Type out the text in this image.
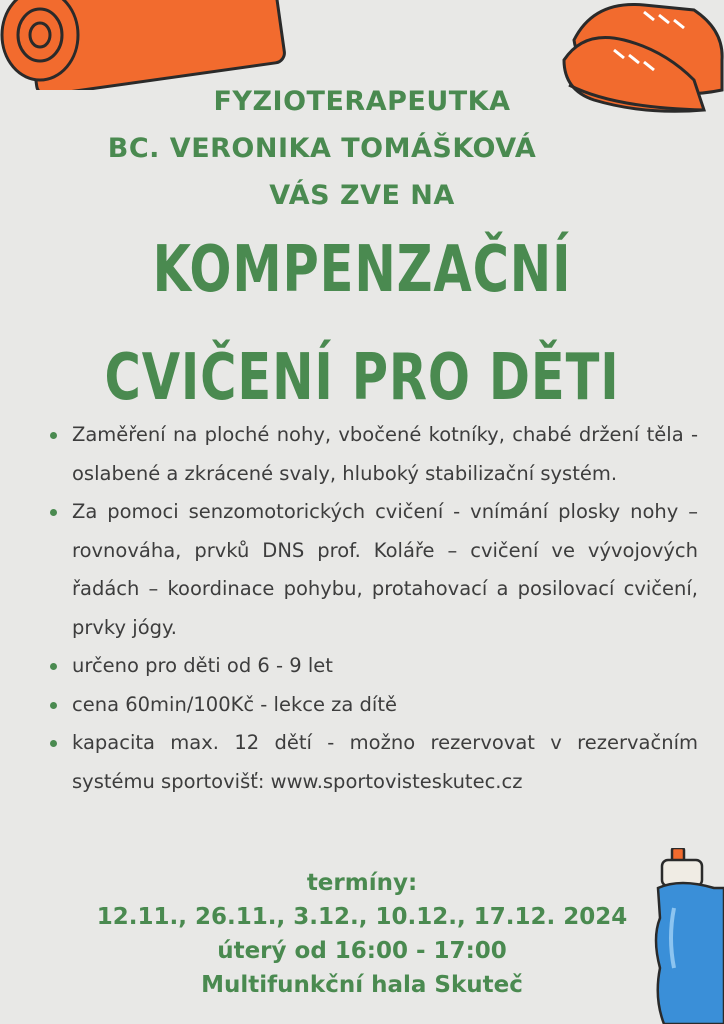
FYZIOTERAPEUTKA
BC. VERONIKA TOMÁŠKOVÁ
VÁS ZVE NA
KOMPENZAČNÍ
CVIČENÍ PRO DĚTI
Zaměření na ploché nohy, vbočené kotníky, chabé držení těla - oslabené a zkrácené svaly, hluboký stabilizační systém.
Za pomoci senzomotorických cvičení - vnímání plosky nohy – rovnováha, prvků DNS prof. Koláře – cvičení ve vývojových řadách – koordinace pohybu, protahovací a posilovací cvičení, prvky jógy.
určeno pro děti od 6 - 9 let
cena 60min/100Kč - lekce za dítě
kapacita max. 12 dětí - možno rezervovat v rezervačním systému sportovišť: www.sportovisteskutec.cz
termíny:
12.11., 26.11., 3.12., 10.12., 17.12. 2024
úterý od 16:00 - 17:00
Multifunkční hala Skuteč
